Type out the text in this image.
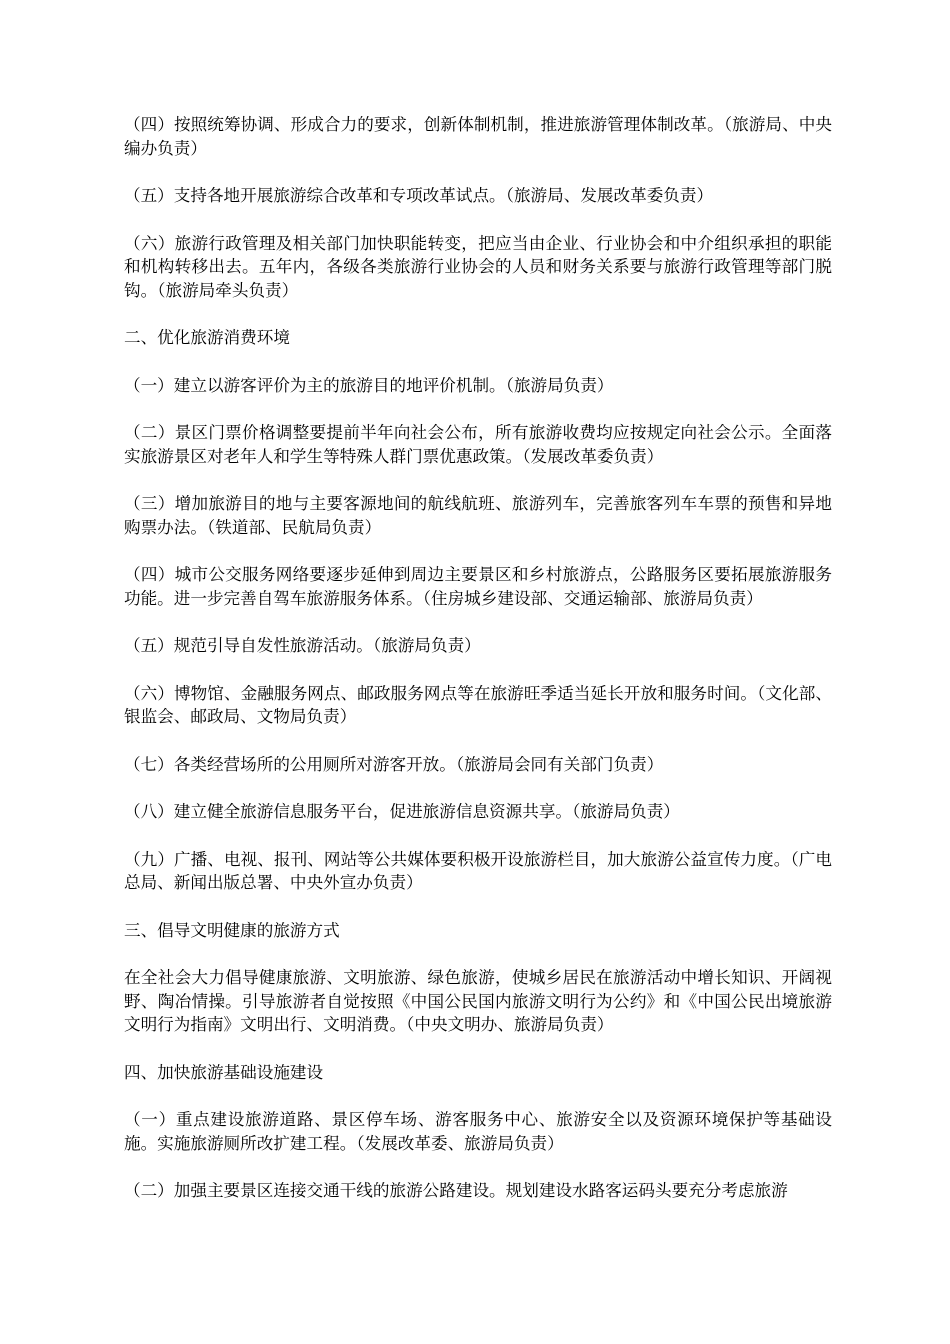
（四）按照统筹协调、形成合力的要求，创新体制机制，推进旅游管理体制改革。（旅游局、中央编办负责）

（五）支持各地开展旅游综合改革和专项改革试点。（旅游局、发展改革委负责）

（六）旅游行政管理及相关部门加快职能转变，把应当由企业、行业协会和中介组织承担的职能和机构转移出去。五年内，各级各类旅游行业协会的人员和财务关系要与旅游行政管理等部门脱钩。（旅游局牵头负责）

二、优化旅游消费环境

（一）建立以游客评价为主的旅游目的地评价机制。（旅游局负责）

（二）景区门票价格调整要提前半年向社会公布，所有旅游收费均应按规定向社会公示。全面落实旅游景区对老年人和学生等特殊人群门票优惠政策。（发展改革委负责）

（三）增加旅游目的地与主要客源地间的航线航班、旅游列车，完善旅客列车车票的预售和异地购票办法。（铁道部、民航局负责）

（四）城市公交服务网络要逐步延伸到周边主要景区和乡村旅游点，公路服务区要拓展旅游服务功能。进一步完善自驾车旅游服务体系。（住房城乡建设部、交通运输部、旅游局负责）

（五）规范引导自发性旅游活动。（旅游局负责）

（六）博物馆、金融服务网点、邮政服务网点等在旅游旺季适当延长开放和服务时间。（文化部、银监会、邮政局、文物局负责）

（七）各类经营场所的公用厕所对游客开放。（旅游局会同有关部门负责）

（八）建立健全旅游信息服务平台，促进旅游信息资源共享。（旅游局负责）

（九）广播、电视、报刊、网站等公共媒体要积极开设旅游栏目，加大旅游公益宣传力度。（广电总局、新闻出版总署、中央外宣办负责）

三、倡导文明健康的旅游方式

在全社会大力倡导健康旅游、文明旅游、绿色旅游，使城乡居民在旅游活动中增长知识、开阔视野、陶冶情操。引导旅游者自觉按照《中国公民国内旅游文明行为公约》和《中国公民出境旅游文明行为指南》文明出行、文明消费。（中央文明办、旅游局负责）

四、加快旅游基础设施建设

（一）重点建设旅游道路、景区停车场、游客服务中心、旅游安全以及资源环境保护等基础设施。实施旅游厕所改扩建工程。（发展改革委、旅游局负责）

（二）加强主要景区连接交通干线的旅游公路建设。规划建设水路客运码头要充分考虑旅游
